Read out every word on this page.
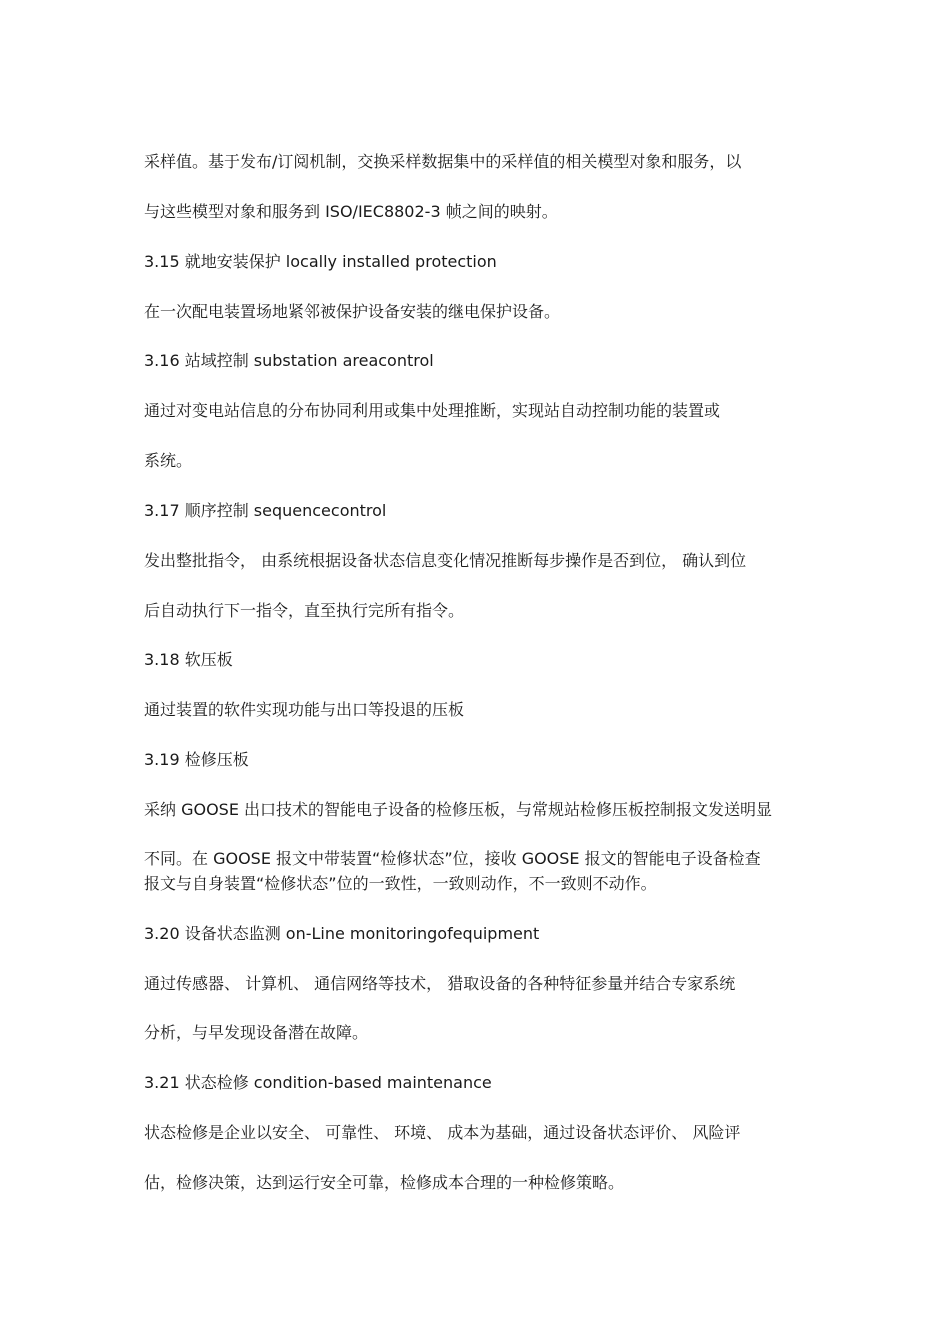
采样值。基于发布/订阅机制，交换采样数据集中的采样值的相关模型对象和服务，以
与这些模型对象和服务到 ISO/IEC8802-3 帧之间的映射。
3.15 就地安装保护 locally installed protection
在一次配电装置场地紧邻被保护设备安装的继电保护设备。
3.16 站域控制 substation areacontrol
通过对变电站信息的分布协同利用或集中处理推断，实现站自动控制功能的装置或
系统。
3.17 顺序控制 sequencecontrol
发出整批指令， 由系统根据设备状态信息变化情况推断每步操作是否到位， 确认到位
后自动执行下一指令，直至执行完所有指令。
3.18 软压板
通过装置的软件实现功能与出口等投退的压板
3.19 检修压板
采纳 GOOSE 出口技术的智能电子设备的检修压板，与常规站检修压板控制报文发送明显
不同。在 GOOSE 报文中带装置“检修状态”位，接收 GOOSE 报文的智能电子设备检查
报文与自身装置“检修状态”位的一致性，一致则动作，不一致则不动作。
3.20 设备状态监测 on-Line monitoringofequipment
通过传感器、 计算机、 通信网络等技术， 猎取设备的各种特征参量并结合专家系统
分析，与早发现设备潜在故障。
3.21 状态检修 condition-based maintenance
状态检修是企业以安全、 可靠性、 环境、 成本为基础，通过设备状态评价、 风险评
估，检修决策，达到运行安全可靠，检修成本合理的一种检修策略。
